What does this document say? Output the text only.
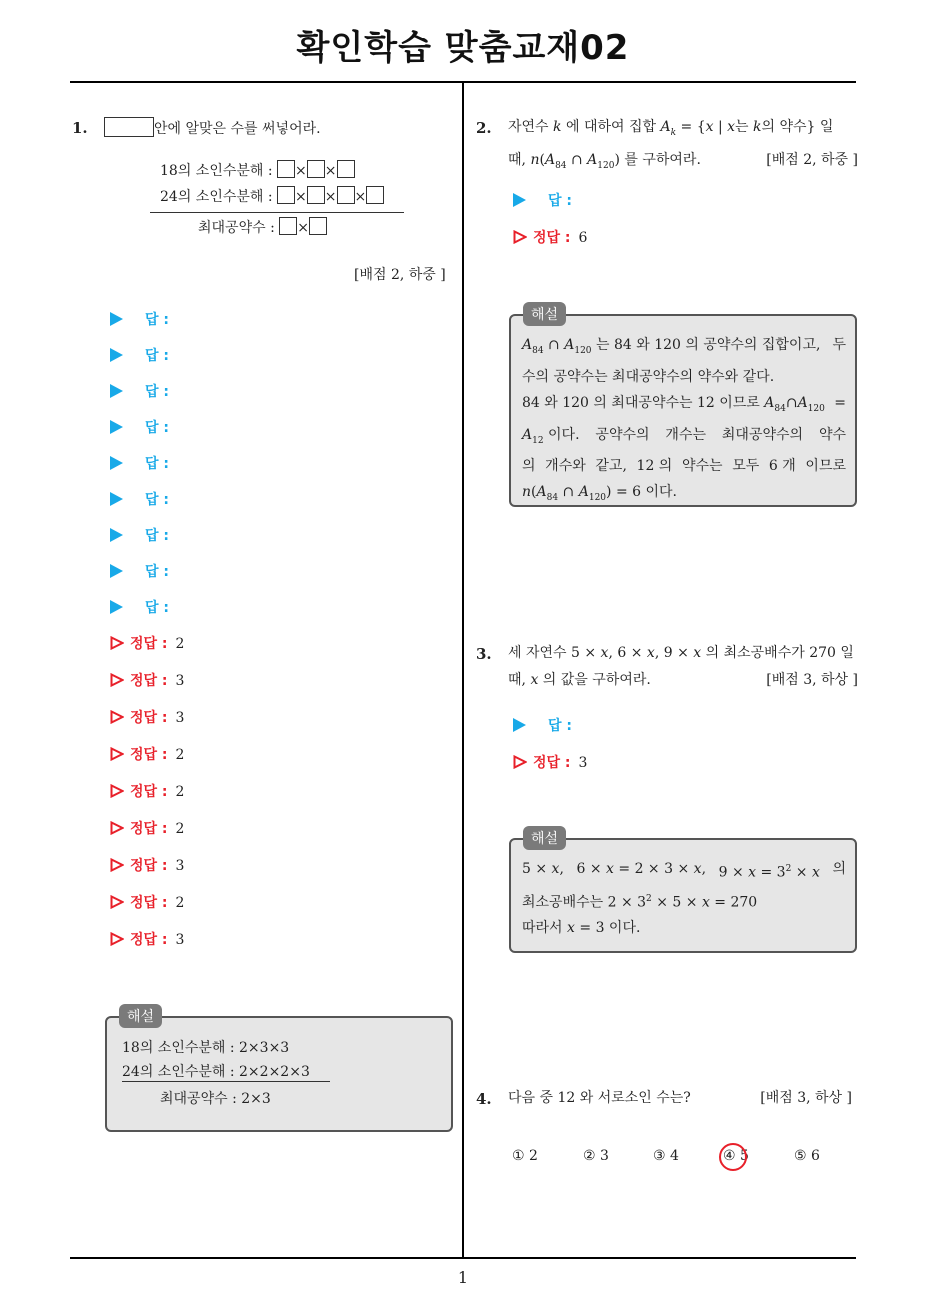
확인학습 맞춤교재02
1
1.	안에 알맞은 수를 써넣어라.
18의 소인수분해 : × ×
24의 소인수분해 : × × ×
최대공약수 : ×
[배점 2, 하중 ]
답 :
답 :
답 :
답 :
답 :
답 :
답 :
답 :
답 :
정답 : 2
정답 : 3
정답 : 3
정답 : 2
정답 : 2
정답 : 2
정답 : 3
정답 : 2
정답 : 3
해설
18의 소인수분해 : 2×3×3
24의 소인수분해 : 2×2×2×3
최대공약수 : 2×3
2. 자연수 k 에 대하여 집합 $A_k = \{x$ | x는 k의 약수} 일
때, $n(A_{84}$ ∩ $A_{120}$) 를 구하여라.	[배점 2, 하중 ]
답 :
정답 : 6
해설
$A_{84}$ ∩ $A_{120}$ 는 84 와 120 의 공약수의 집합이고, 두
수의 공약수는 최대공약수의 약수와 같다.
84 와 120 의 최대공약수는 12 이므로 $A_{84}\cap A_{120}$ =
$A_{12}$ 이다. 공약수의 개수는 최대공약수의 약수
의 개수와 같고, 12 의 약수는 모두 6 개 이므로
$n(A_{84}$ ∩ $A_{120}) = 6$ 이다.
3. 세 자연수 5 × x, 6 × x, 9 × x 의 최소공배수가 270 일
때, x 의 값을 구하여라.	[배점 3, 하상 ]
답 :
정답 : 3
해설
5 × x, 6 × x = 2 × 3 × x, $9 \times x = 3^2 \times x$ 의
최소공배수는 $2 \times 3^2 \times 5 \times x = 270$
따라서 x = 3 이다.
4. 다음 중 12 와 서로소인 수는?	[배점 3, 하상 ]
① 2	② 3	③ 4	④ 5	⑤ 6
